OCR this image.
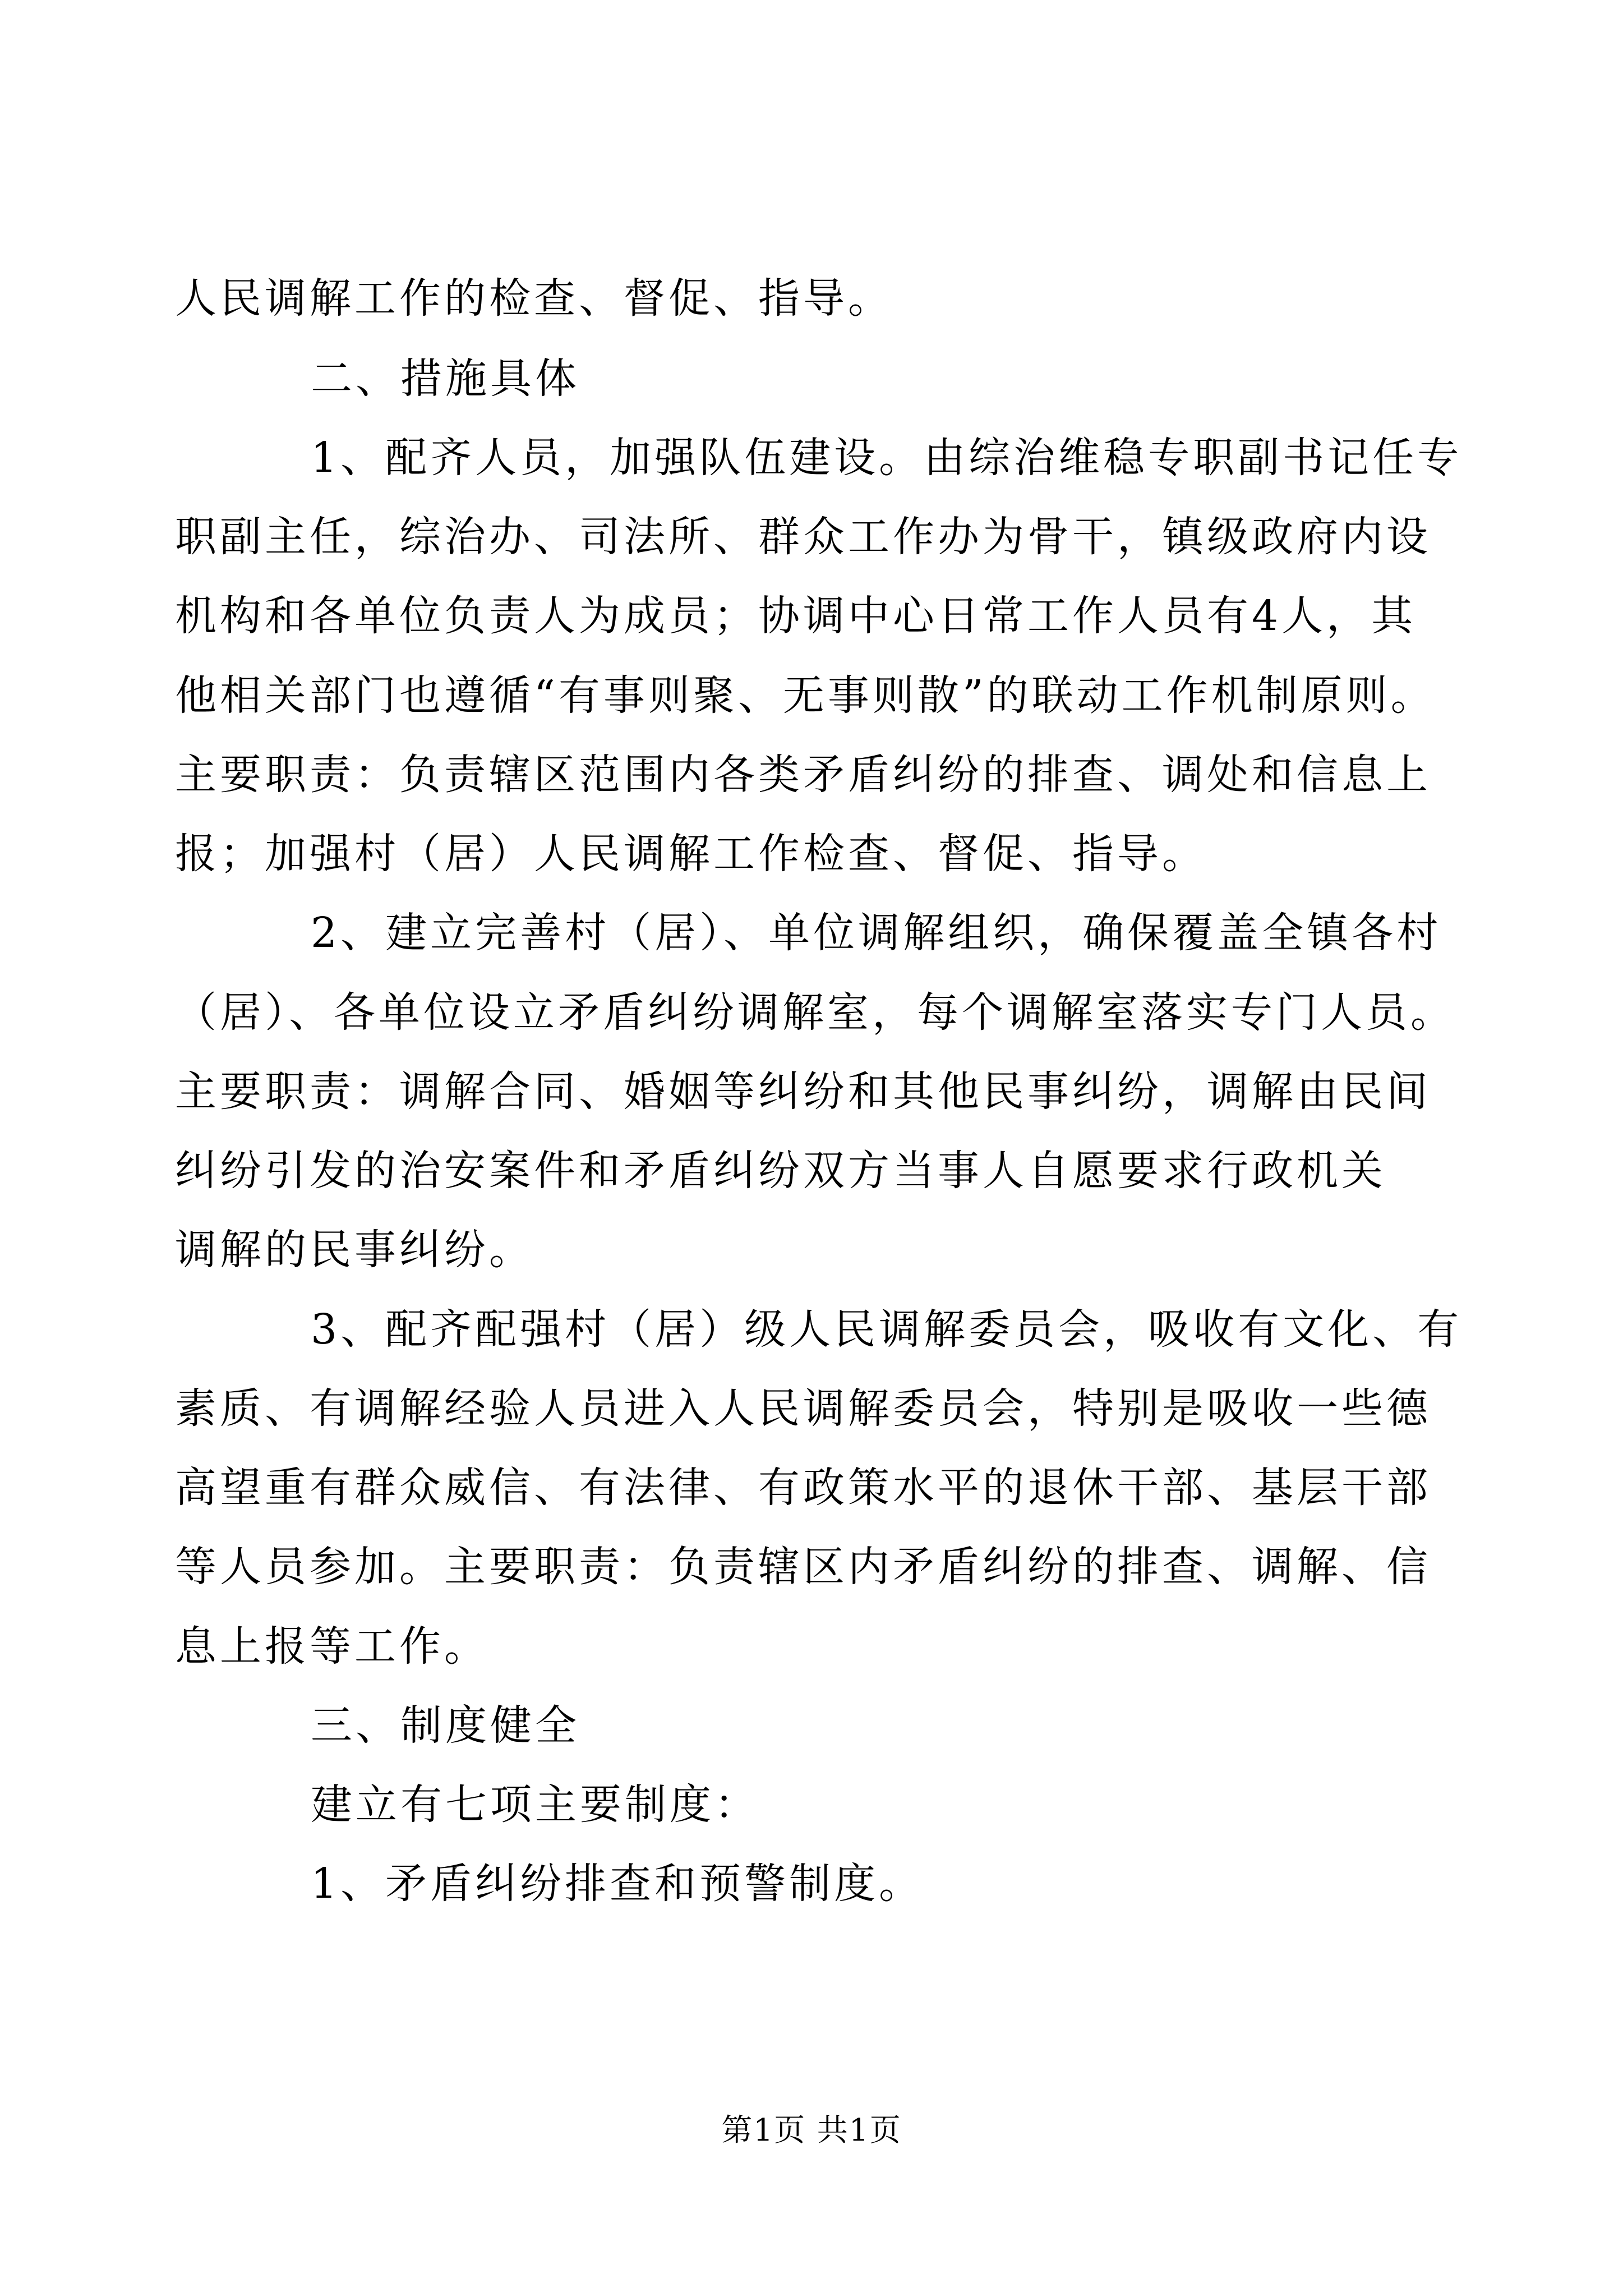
人民调解工作的检查、督促、指导。
二、措施具体
1、配齐人员，加强队伍建设。由综治维稳专职副书记任专
职副主任，综治办、司法所、群众工作办为骨干，镇级政府内设
机构和各单位负责人为成员；协调中心日常工作人员有4人，其
他相关部门也遵循“有事则聚、无事则散”的联动工作机制原则。
主要职责：负责辖区范围内各类矛盾纠纷的排查、调处和信息上
报；加强村（居）人民调解工作检查、督促、指导。
2、建立完善村（居）、单位调解组织，确保覆盖全镇各村
（居）、各单位设立矛盾纠纷调解室，每个调解室落实专门人员。
主要职责：调解合同、婚姻等纠纷和其他民事纠纷，调解由民间
纠纷引发的治安案件和矛盾纠纷双方当事人自愿要求行政机关
调解的民事纠纷。
3、配齐配强村（居）级人民调解委员会，吸收有文化、有
素质、有调解经验人员进入人民调解委员会，特别是吸收一些德
高望重有群众威信、有法律、有政策水平的退休干部、基层干部
等人员参加。主要职责：负责辖区内矛盾纠纷的排查、调解、信
息上报等工作。
三、制度健全
建立有七项主要制度：
1、矛盾纠纷排查和预警制度。
第1页 共1页
